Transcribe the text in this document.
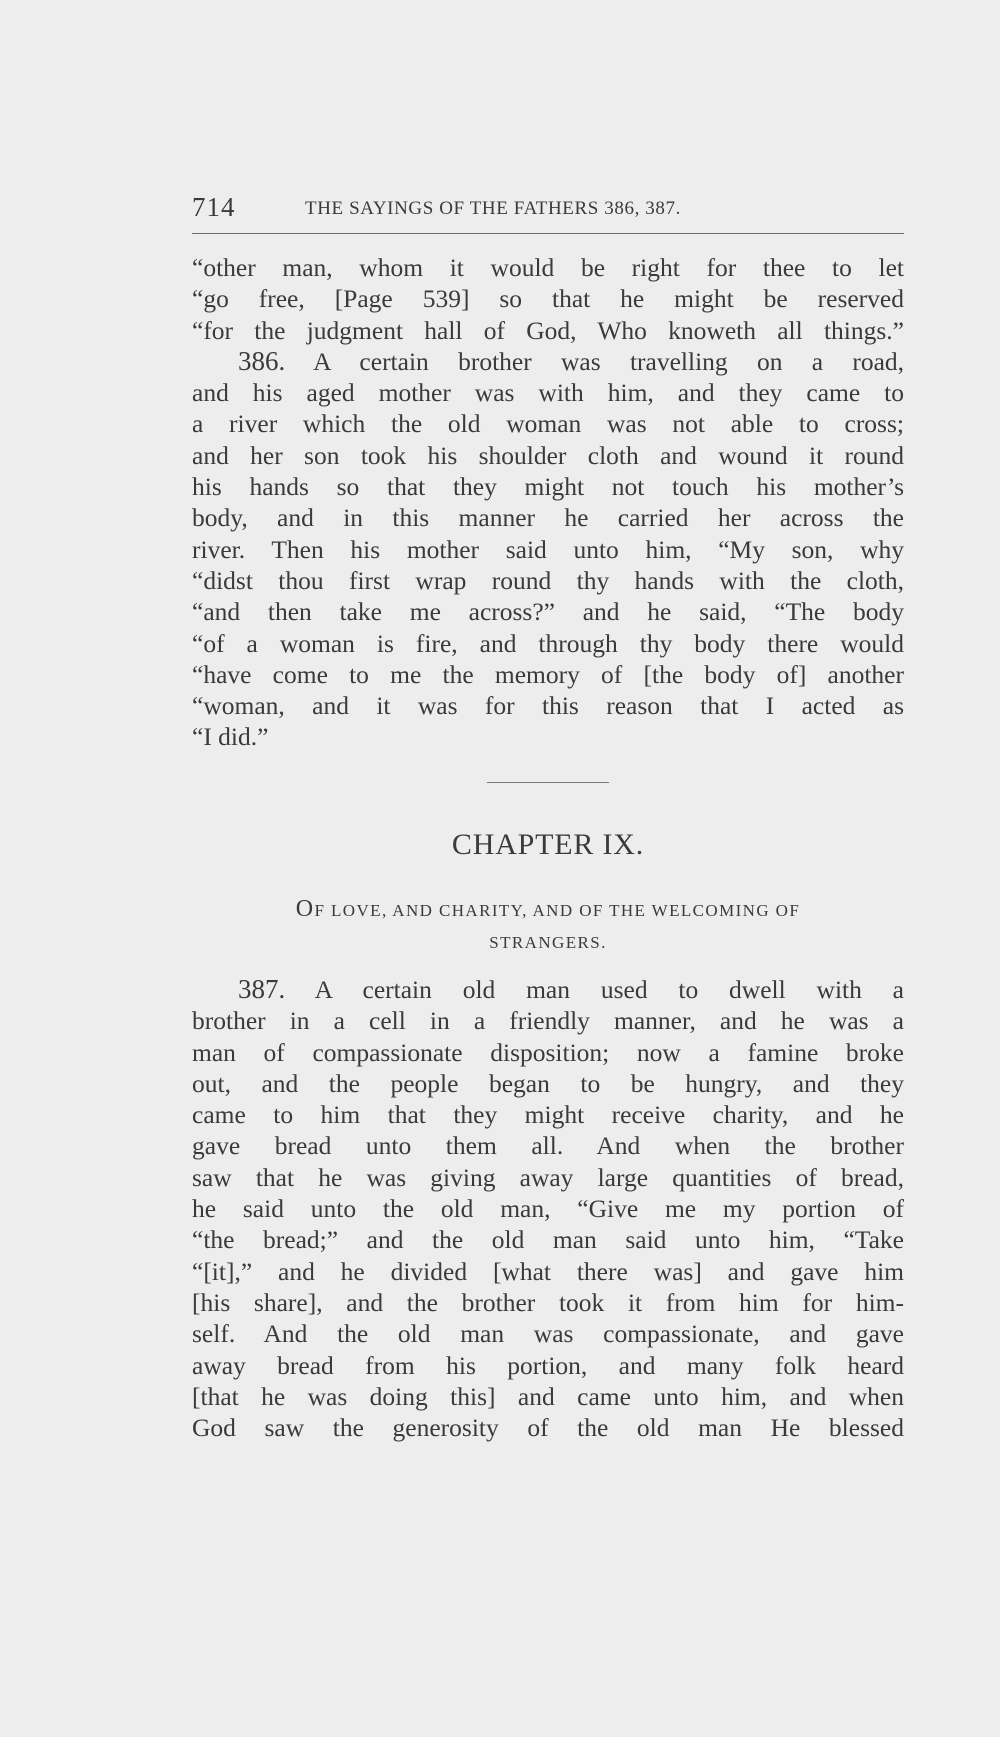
714	THE SAYINGS OF THE FATHERS 386, 387.
“other man, whom it would be right for thee to let
“go free, [Page 539] so that he might be reserved
“for the judgment hall of God, Who knoweth all things.”
386. A certain brother was travelling on a road,
and his aged mother was with him, and they came to
a river which the old woman was not able to cross;
and her son took his shoulder cloth and wound it round
his hands so that they might not touch his mother’s
body, and in this manner he carried her across the
river. Then his mother said unto him, “My son, why
“didst thou first wrap round thy hands with the cloth,
“and then take me across?” and he said, “The body
“of a woman is fire, and through thy body there would
“have come to me the memory of [the body of] another
“woman, and it was for this reason that I acted as
“I did.”
CHAPTER IX.
OF LOVE, AND CHARITY, AND OF THE WELCOMING OF
STRANGERS.
387. A certain old man used to dwell with a
brother in a cell in a friendly manner, and he was a
man of compassionate disposition; now a famine broke
out, and the people began to be hungry, and they
came to him that they might receive charity, and he
gave bread unto them all. And when the brother
saw that he was giving away large quantities of bread,
he said unto the old man, “Give me my portion of
“the bread;” and the old man said unto him, “Take
“[it],” and he divided [what there was] and gave him
[his share], and the brother took it from him for him-
self. And the old man was compassionate, and gave
away bread from his portion, and many folk heard
[that he was doing this] and came unto him, and when
God saw the generosity of the old man He blessed
